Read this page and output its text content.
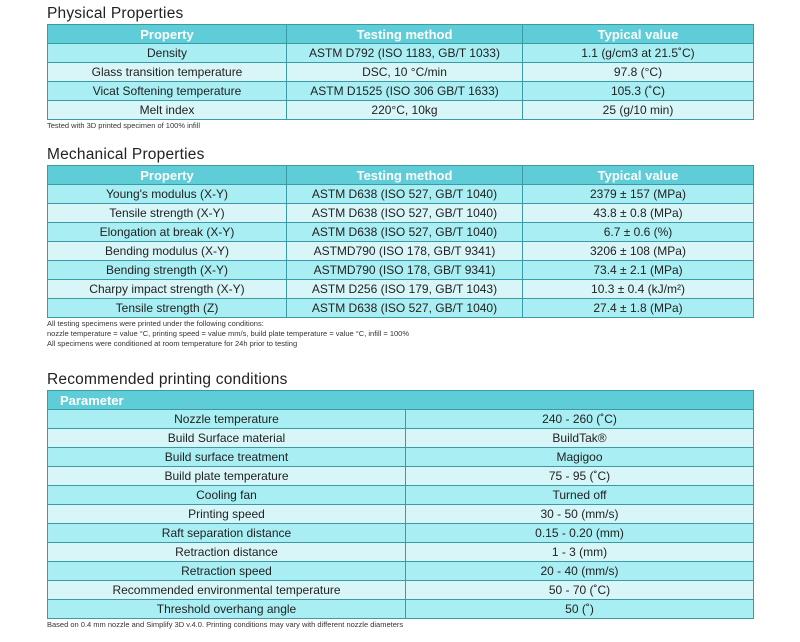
Physical Properties
Property	Testing method	Typical value
Density	ASTM D792 (ISO 1183, GB/T 1033)	1.1 (g/cm3 at 21.5˚C)
Glass transition temperature	DSC, 10 °C/min	97.8 (°C)
Vicat Softening temperature	ASTM D1525 (ISO 306 GB/T 1633)	105.3 (˚C)
Melt index	220°C, 10kg	25 (g/10 min)
Tested with 3D printed specimen of 100% infill
Mechanical Properties
Property	Testing method	Typical value
Young's modulus (X-Y)	ASTM D638 (ISO 527, GB/T 1040)	2379 ± 157 (MPa)
Tensile strength (X-Y)	ASTM D638 (ISO 527, GB/T 1040)	43.8 ± 0.8 (MPa)
Elongation at break (X-Y)	ASTM D638 (ISO 527, GB/T 1040)	6.7 ± 0.6 (%)
Bending modulus (X-Y)	ASTMD790 (ISO 178, GB/T 9341)	3206 ± 108 (MPa)
Bending strength (X-Y)	ASTMD790 (ISO 178, GB/T 9341)	73.4 ± 2.1 (MPa)
Charpy impact strength (X-Y)	ASTM D256 (ISO 179, GB/T 1043)	10.3 ± 0.4 (kJ/m²)
Tensile strength (Z)	ASTM D638 (ISO 527, GB/T 1040)	27.4 ± 1.8 (MPa)
All testing specimens were printed under the following conditions:
nozzle temperature = value °C, printing speed = value mm/s, build plate temperature = value °C, infill = 100%
All specimens were conditioned at room temperature for 24h prior to testing
Recommended printing conditions
Parameter	
Nozzle temperature	240 - 260 (˚C)
Build Surface material	BuildTak®
Build surface treatment	Magigoo
Build plate temperature	75 - 95 (˚C)
Cooling fan	Turned off
Printing speed	30 - 50 (mm/s)
Raft separation distance	0.15 - 0.20 (mm)
Retraction distance	1 - 3 (mm)
Retraction speed	20 - 40 (mm/s)
Recommended environmental temperature	50 - 70 (˚C)
Threshold overhang angle	50 (˚)
Based on 0.4 mm nozzle and Simplify 3D v.4.0. Printing conditions may vary with different nozzle diameters
